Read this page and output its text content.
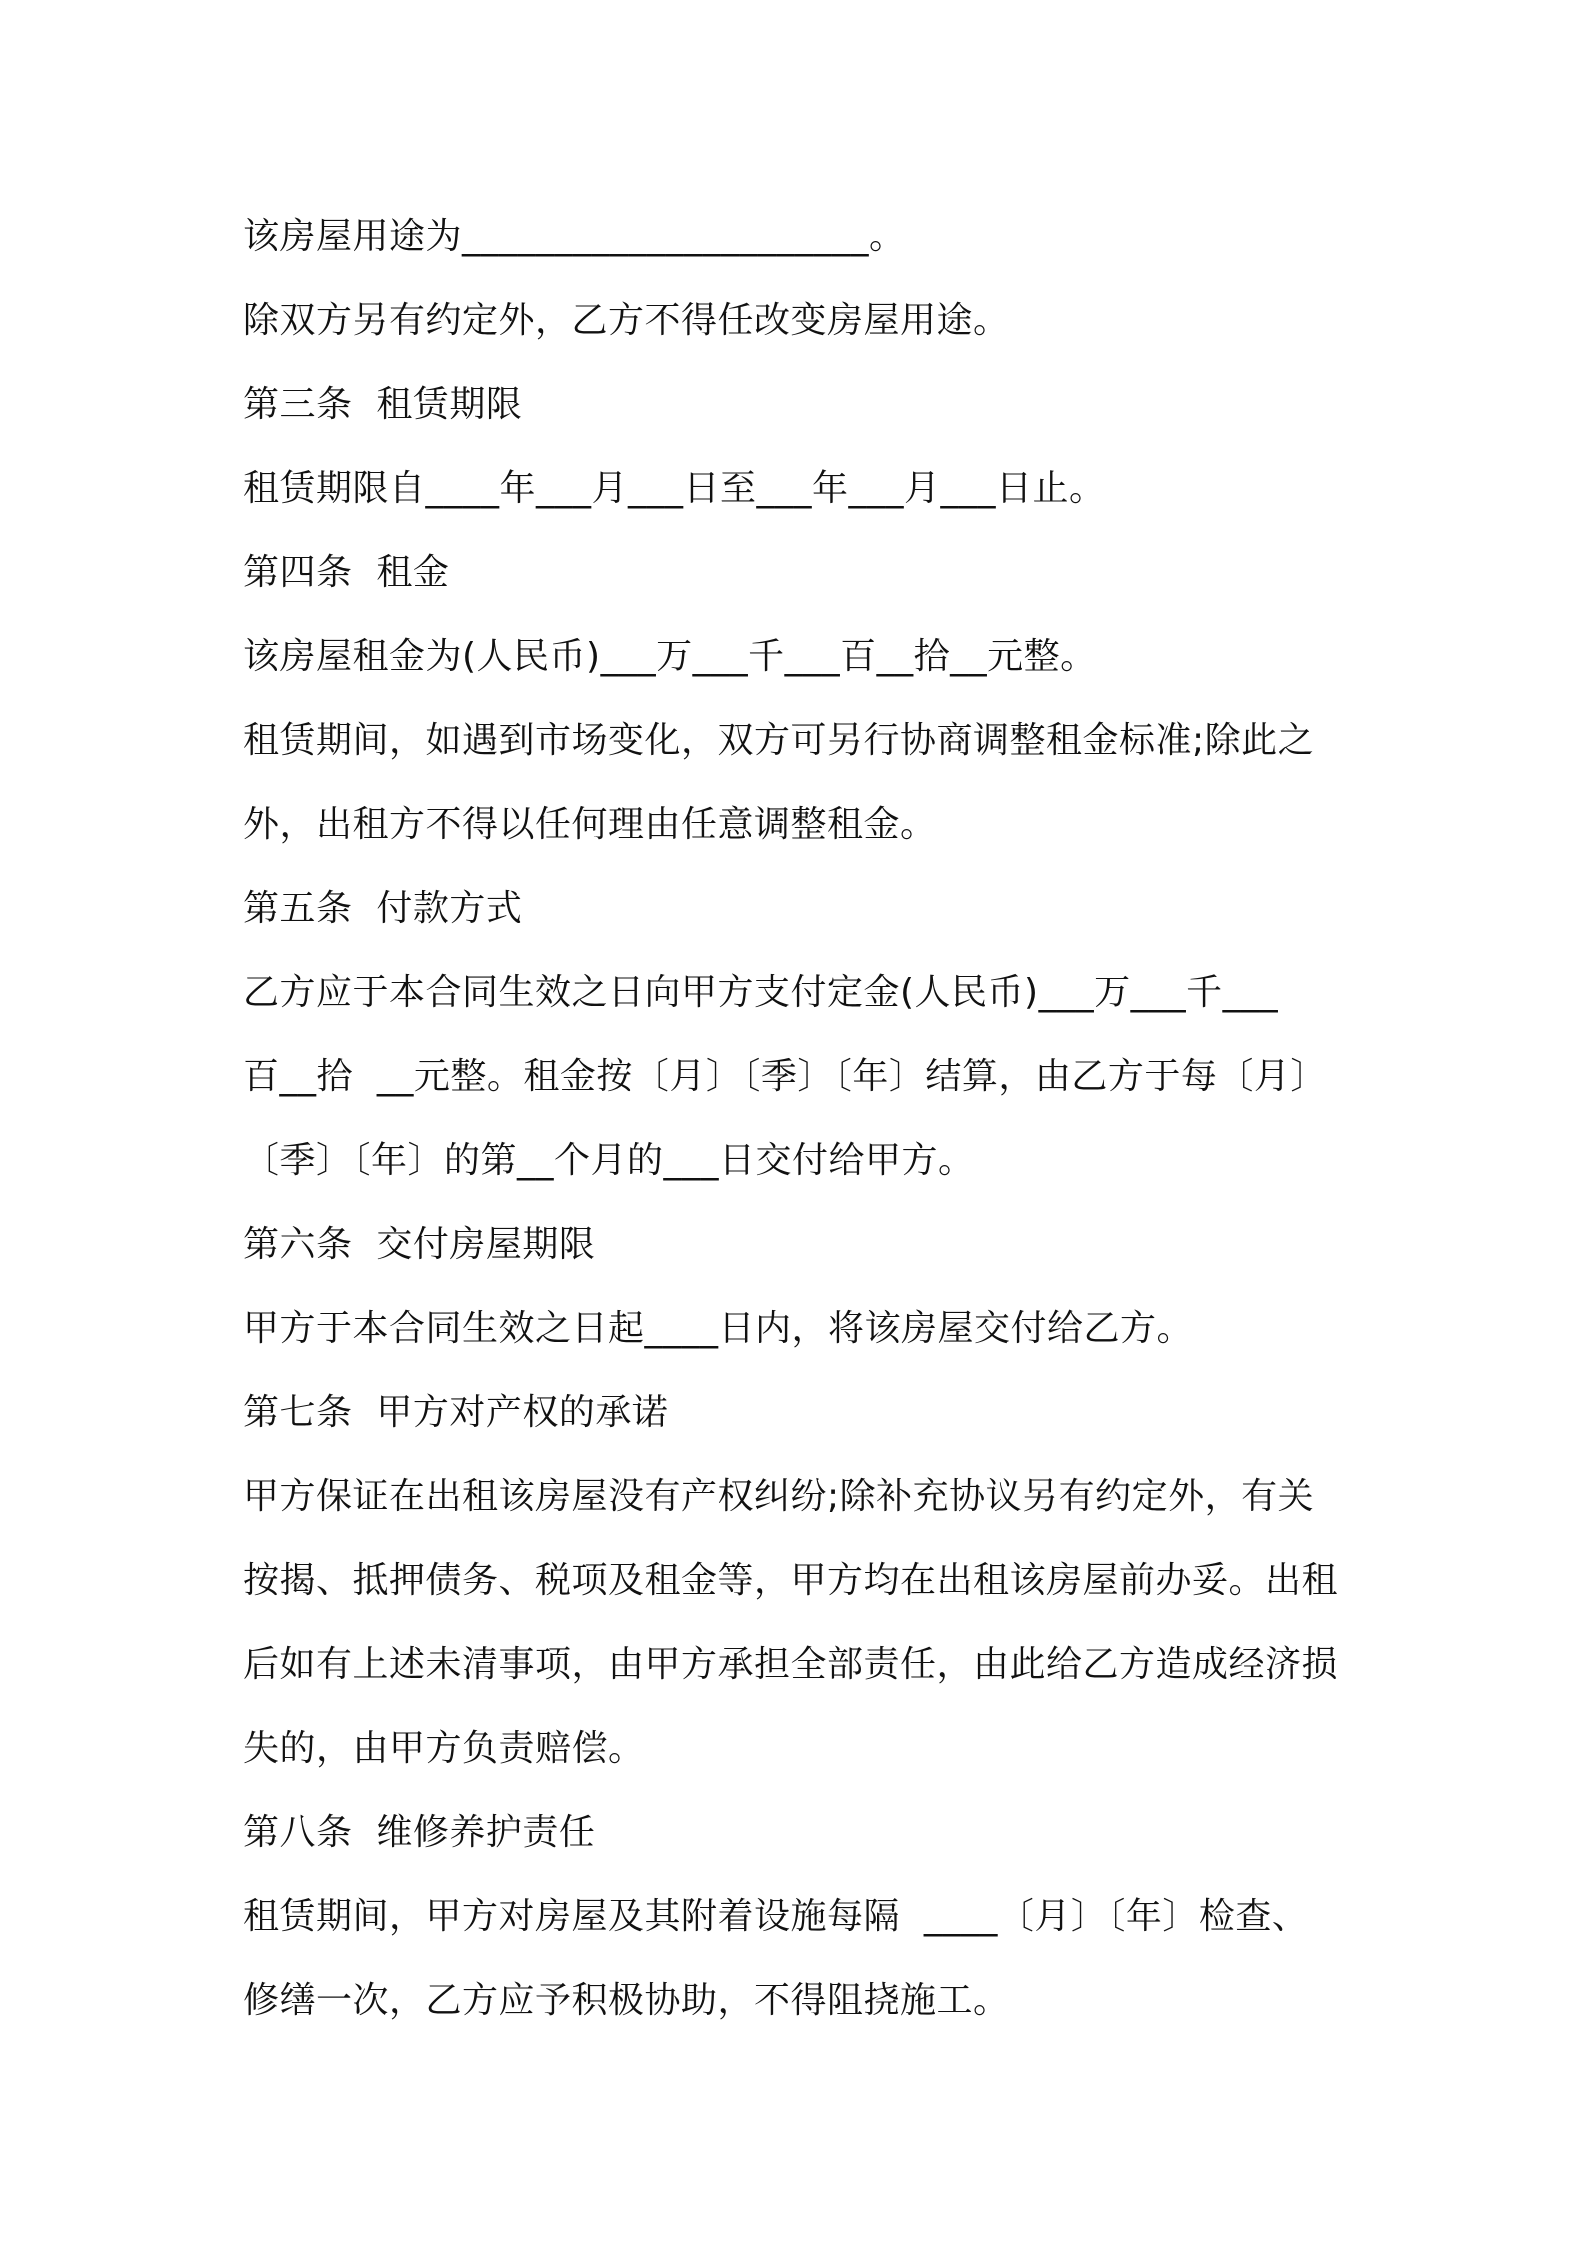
该房屋用途为______________________。
除双方另有约定外，乙方不得任改变房屋用途。
第三条  租赁期限
租赁期限自____年___月___日至___年___月___日止。
第四条  租金
该房屋租金为(人民币)___万___千___百__拾__元整。
租赁期间，如遇到市场变化，双方可另行协商调整租金标准;除此之
外，出租方不得以任何理由任意调整租金。
第五条  付款方式
乙方应于本合同生效之日向甲方支付定金(人民币)___万___千___
百__拾  __元整。租金按〔月〕〔季〕〔年〕结算，由乙方于每〔月〕
〔季〕〔年〕的第__个月的___日交付给甲方。
第六条  交付房屋期限
甲方于本合同生效之日起____日内，将该房屋交付给乙方。
第七条  甲方对产权的承诺
甲方保证在出租该房屋没有产权纠纷;除补充协议另有约定外，有关
按揭、抵押债务、税项及租金等，甲方均在出租该房屋前办妥。出租
后如有上述未清事项，由甲方承担全部责任，由此给乙方造成经济损
失的，由甲方负责赔偿。
第八条  维修养护责任
租赁期间，甲方对房屋及其附着设施每隔  ____〔月〕〔年〕检查、
修缮一次，乙方应予积极协助，不得阻挠施工。
